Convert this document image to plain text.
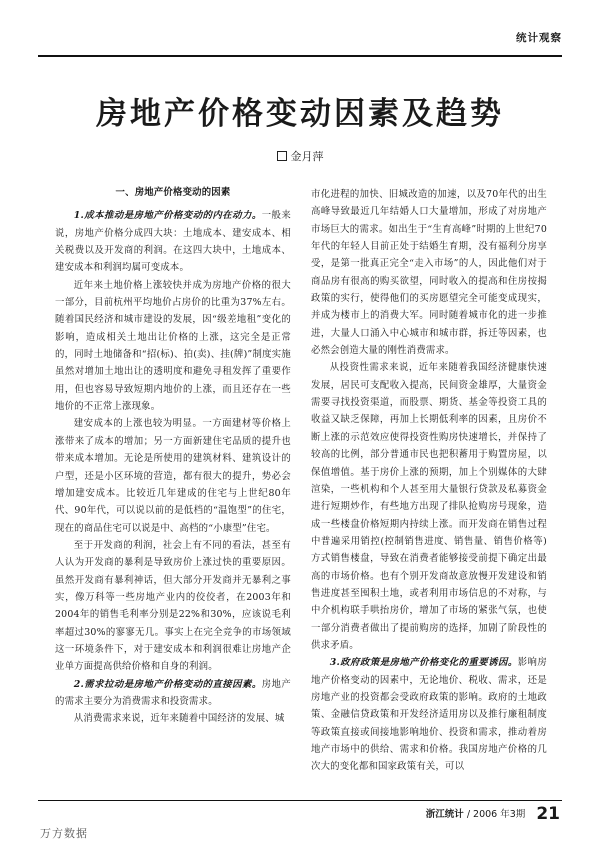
统计观察
房地产价格变动因素及趋势
金月萍
一、房地产价格变动的因素

1.成本推动是房地产价格变动的内在动力。一般来说，房地产价格分成四大块：土地成本、建安成本、相关税费以及开发商的利润。在这四大块中，土地成本、建安成本和利润均属可变成本。

近年来土地价格上涨较快并成为房地产价格的很大一部分，目前杭州平均地价占房价的比重为37%左右。随着国民经济和城市建设的发展，因“级差地租”变化的影响，造成相关土地出让价格的上涨，这完全是正常的，同时土地储备和“招(标)、拍(卖)、挂(牌)”制度实施虽然对增加土地出让的透明度和避免寻租发挥了重要作用，但也容易导致短期内地价的上涨，而且还存在一些地价的不正常上涨现象。

建安成本的上涨也较为明显。一方面建材等价格上涨带来了成本的增加；另一方面新建住宅品质的提升也带来成本增加。无论是所使用的建筑材料、建筑设计的户型，还是小区环境的营造，都有很大的提升，势必会增加建安成本。比较近几年建成的住宅与上世纪80年代、90年代，可以说以前的是低档的“温饱型”的住宅，现在的商品住宅可以说是中、高档的“小康型”住宅。

至于开发商的利润，社会上有不同的看法，甚至有人认为开发商的暴利是导致房价上涨过快的重要原因。虽然开发商有暴利神话，但大部分开发商并无暴利之事实，像万科等一些房地产业内的佼佼者，在2003年和2004年的销售毛利率分别是22%和30%，应该说毛利率超过30%的寥寥无几。事实上在完全竞争的市场领域这一环境条件下，对于建安成本和利润很难让房地产企业单方面提高供给价格和自身的利润。

2.需求拉动是房地产价格变动的直接因素。房地产的需求主要分为消费需求和投资需求。

从消费需求来说，近年来随着中国经济的发展、城

市化进程的加快、旧城改造的加速，以及70年代的出生高峰导致最近几年结婚人口大量增加，形成了对房地产市场巨大的需求。如出生于“生育高峰”时期的上世纪70年代的年轻人目前正处于结婚生育期，没有福利分房享受，是第一批真正完全“走入市场”的人，因此他们对于商品房有很高的购买欲望，同时收入的提高和住房按揭政策的实行，使得他们的买房愿望完全可能变成现实，并成为楼市上的消费大军。同时随着城市化的进一步推进，大量人口涌入中心城市和城市群，拆迁等因素，也必然会创造大量的刚性消费需求。

从投资性需求来说，近年来随着我国经济健康快速发展，居民可支配收入提高，民间资金雄厚，大量资金需要寻找投资渠道，而股票、期货、基金等投资工具的收益又缺乏保障，再加上长期低利率的因素，且房价不断上涨的示范效应使得投资性购房快速增长，并保持了较高的比例，部分普通市民也把积蓄用于购置房屋，以保值增值。基于房价上涨的预期，加上个别媒体的大肆渲染，一些机构和个人甚至用大量银行贷款及私募资金进行短期炒作，有些地方出现了排队抢购房号现象，造成一些楼盘价格短期内持续上涨。而开发商在销售过程中普遍采用销控(控制销售进度、销售量、销售价格等)方式销售楼盘，导致在消费者能够接受前提下确定出最高的市场价格。也有个别开发商故意放慢开发建设和销售进度甚至囤积土地，或者利用市场信息的不对称，与中介机构联手哄抬房价，增加了市场的紧张气氛，也使一部分消费者做出了提前购房的选择，加剧了阶段性的供求矛盾。

3.政府政策是房地产价格变化的重要诱因。影响房地产价格变动的因素中，无论地价、税收、需求，还是房地产业的投资都会受政府政策的影响。政府的土地政策、金融信贷政策和开发经济适用房以及推行廉租制度等政策直接或间接地影响地价、投资和需求，推动着房地产市场中的供给、需求和价格。我国房地产价格的几次大的变化都和国家政策有关，可以

浙江统计 / 2006 年3期 21
万方数据
